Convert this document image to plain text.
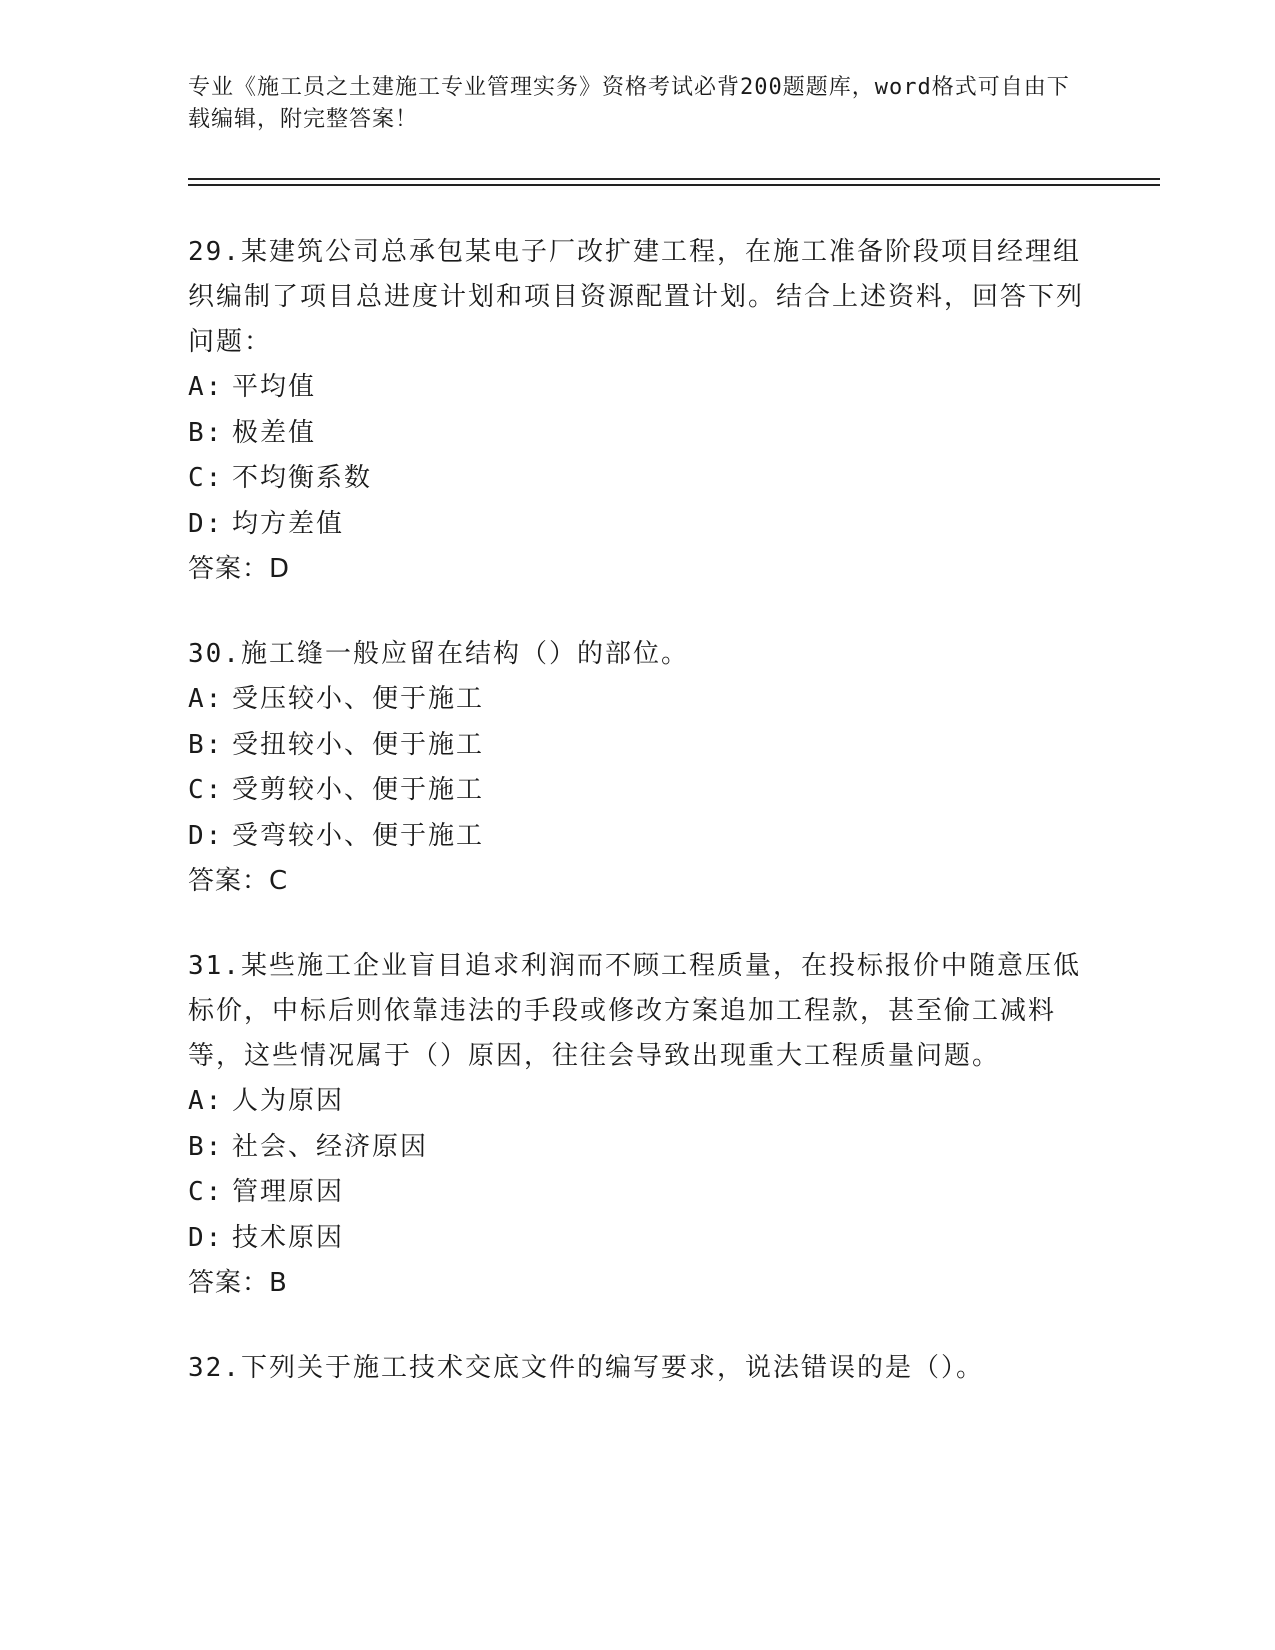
专业《施工员之土建施工专业管理实务》资格考试必背200题题库，word格式可自由下载编辑，附完整答案！

29.某建筑公司总承包某电子厂改扩建工程，在施工准备阶段项目经理组织编制了项目总进度计划和项目资源配置计划。结合上述资料，回答下列问题：

A: 平均值

B: 极差值

C: 不均衡系数

D: 均方差值

答案：D

30.施工缝一般应留在结构（）的部位。

A: 受压较小、便于施工

B: 受扭较小、便于施工

C: 受剪较小、便于施工

D: 受弯较小、便于施工

答案：C

31.某些施工企业盲目追求利润而不顾工程质量，在投标报价中随意压低标价，中标后则依靠违法的手段或修改方案追加工程款，甚至偷工减料等，这些情况属于（）原因，往往会导致出现重大工程质量问题。

A: 人为原因

B: 社会、经济原因

C: 管理原因

D: 技术原因

答案：B

32.下列关于施工技术交底文件的编写要求，说法错误的是（）。
